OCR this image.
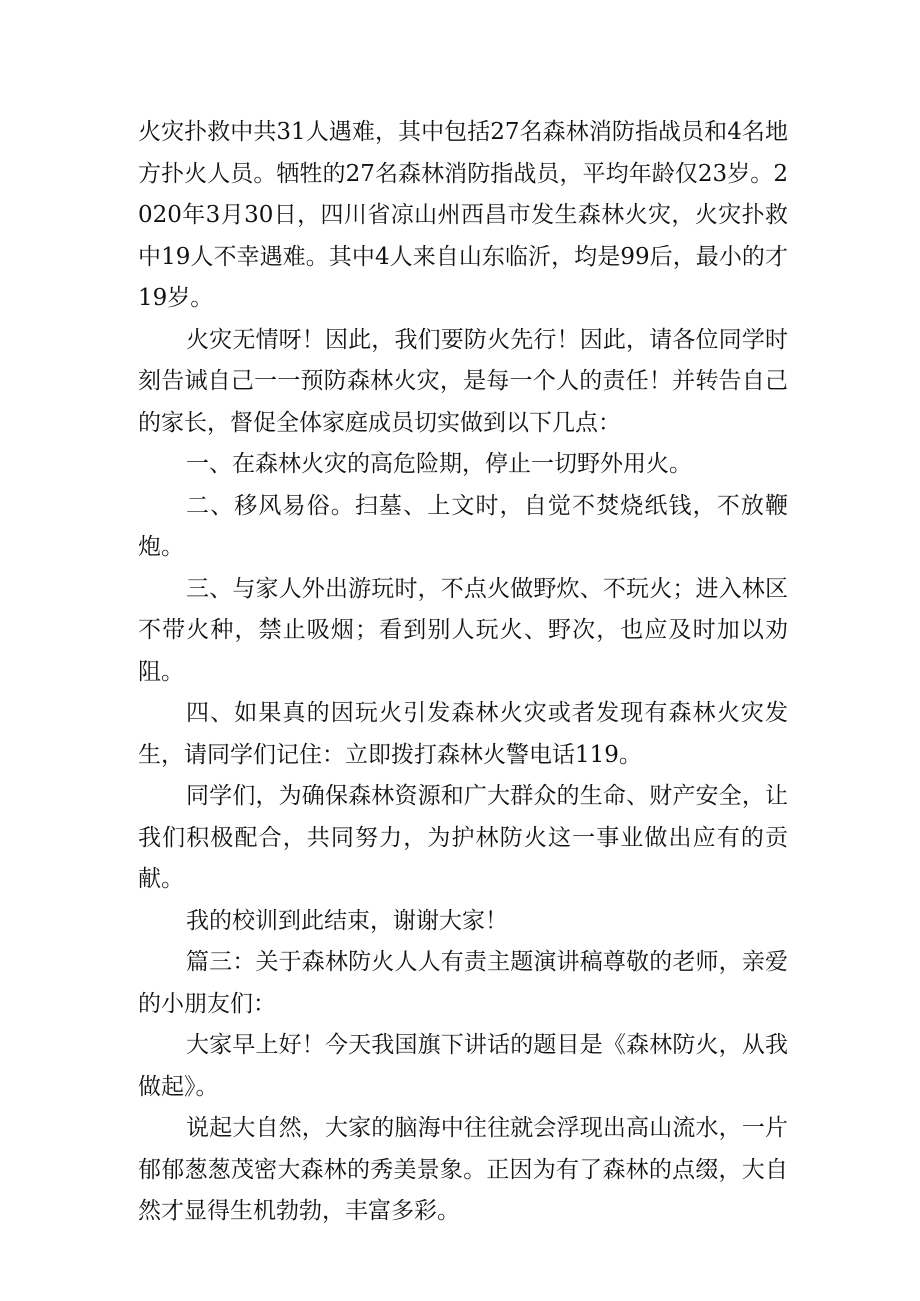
火灾扑救中共31人遇难，其中包括27名森林消防指战员和4名地方扑火人员。牺牲的27名森林消防指战员，平均年龄仅23岁。2020年3月30日，四川省凉山州西昌市发生森林火灾，火灾扑救中19人不幸遇难。其中4人来自山东临沂，均是99后，最小的才19岁。

火灾无情呀！因此，我们要防火先行！因此，请各位同学时刻告诫自己一一预防森林火灾，是每一个人的责任！并转告自己的家长，督促全体家庭成员切实做到以下几点：

一、在森林火灾的高危险期，停止一切野外用火。

二、移风易俗。扫墓、上文时，自觉不焚烧纸钱，不放鞭炮。

三、与家人外出游玩时，不点火做野炊、不玩火；进入林区不带火种，禁止吸烟；看到别人玩火、野次，也应及时加以劝阻。

四、如果真的因玩火引发森林火灾或者发现有森林火灾发生，请同学们记住：立即拨打森林火警电话119。

同学们，为确保森林资源和广大群众的生命、财产安全，让我们积极配合，共同努力，为护林防火这一事业做出应有的贡献。

我的校训到此结束，谢谢大家！

篇三：关于森林防火人人有责主题演讲稿尊敬的老师，亲爱的小朋友们：

大家早上好！今天我国旗下讲话的题目是《森林防火，从我做起》。

说起大自然，大家的脑海中往往就会浮现出高山流水，一片郁郁葱葱茂密大森林的秀美景象。正因为有了森林的点缀，大自然才显得生机勃勃，丰富多彩。
